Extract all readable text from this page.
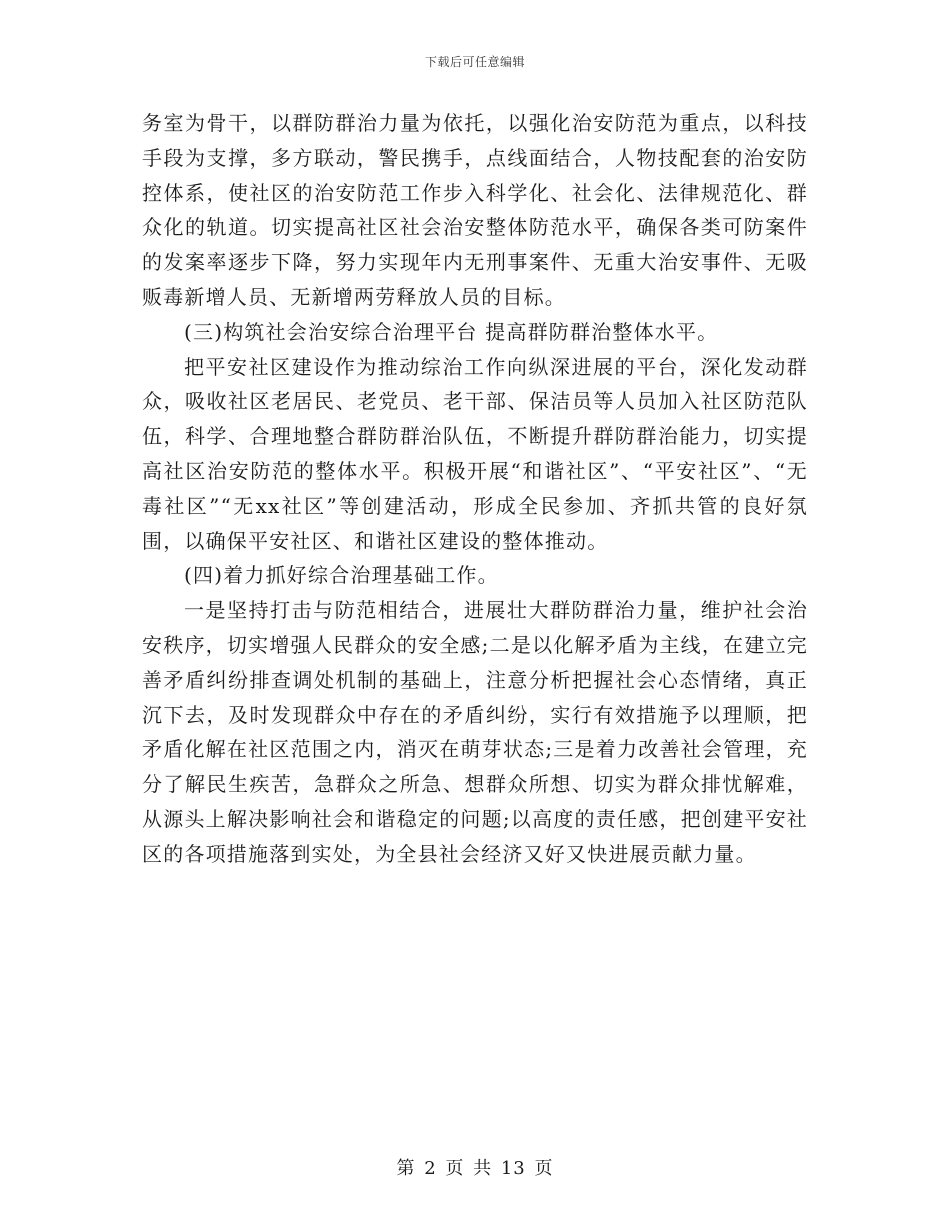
下载后可任意编辑

务室为骨干，以群防群治力量为依托，以强化治安防范为重点，以科技手段为支撑，多方联动，警民携手，点线面结合，人物技配套的治安防控体系，使社区的治安防范工作步入科学化、社会化、法律规范化、群众化的轨道。切实提高社区社会治安整体防范水平，确保各类可防案件的发案率逐步下降，努力实现年内无刑事案件、无重大治安事件、无吸贩毒新增人员、无新增两劳释放人员的目标。

(三)构筑社会治安综合治理平台 提高群防群治整体水平。

把平安社区建设作为推动综治工作向纵深进展的平台，深化发动群众，吸收社区老居民、老党员、老干部、保洁员等人员加入社区防范队伍，科学、合理地整合群防群治队伍，不断提升群防群治能力，切实提高社区治安防范的整体水平。积极开展“和谐社区”、“平安社区”、“无毒社区”“无xx社区”等创建活动，形成全民参加、齐抓共管的良好氛围，以确保平安社区、和谐社区建设的整体推动。

(四)着力抓好综合治理基础工作。

一是坚持打击与防范相结合，进展壮大群防群治力量，维护社会治安秩序，切实增强人民群众的安全感;二是以化解矛盾为主线，在建立完善矛盾纠纷排查调处机制的基础上，注意分析把握社会心态情绪，真正沉下去，及时发现群众中存在的矛盾纠纷，实行有效措施予以理顺，把矛盾化解在社区范围之内，消灭在萌芽状态;三是着力改善社会管理，充分了解民生疾苦，急群众之所急、想群众所想、切实为群众排忧解难，从源头上解决影响社会和谐稳定的问题;以高度的责任感，把创建平安社区的各项措施落到实处，为全县社会经济又好又快进展贡献力量。

第 2 页 共 13 页
